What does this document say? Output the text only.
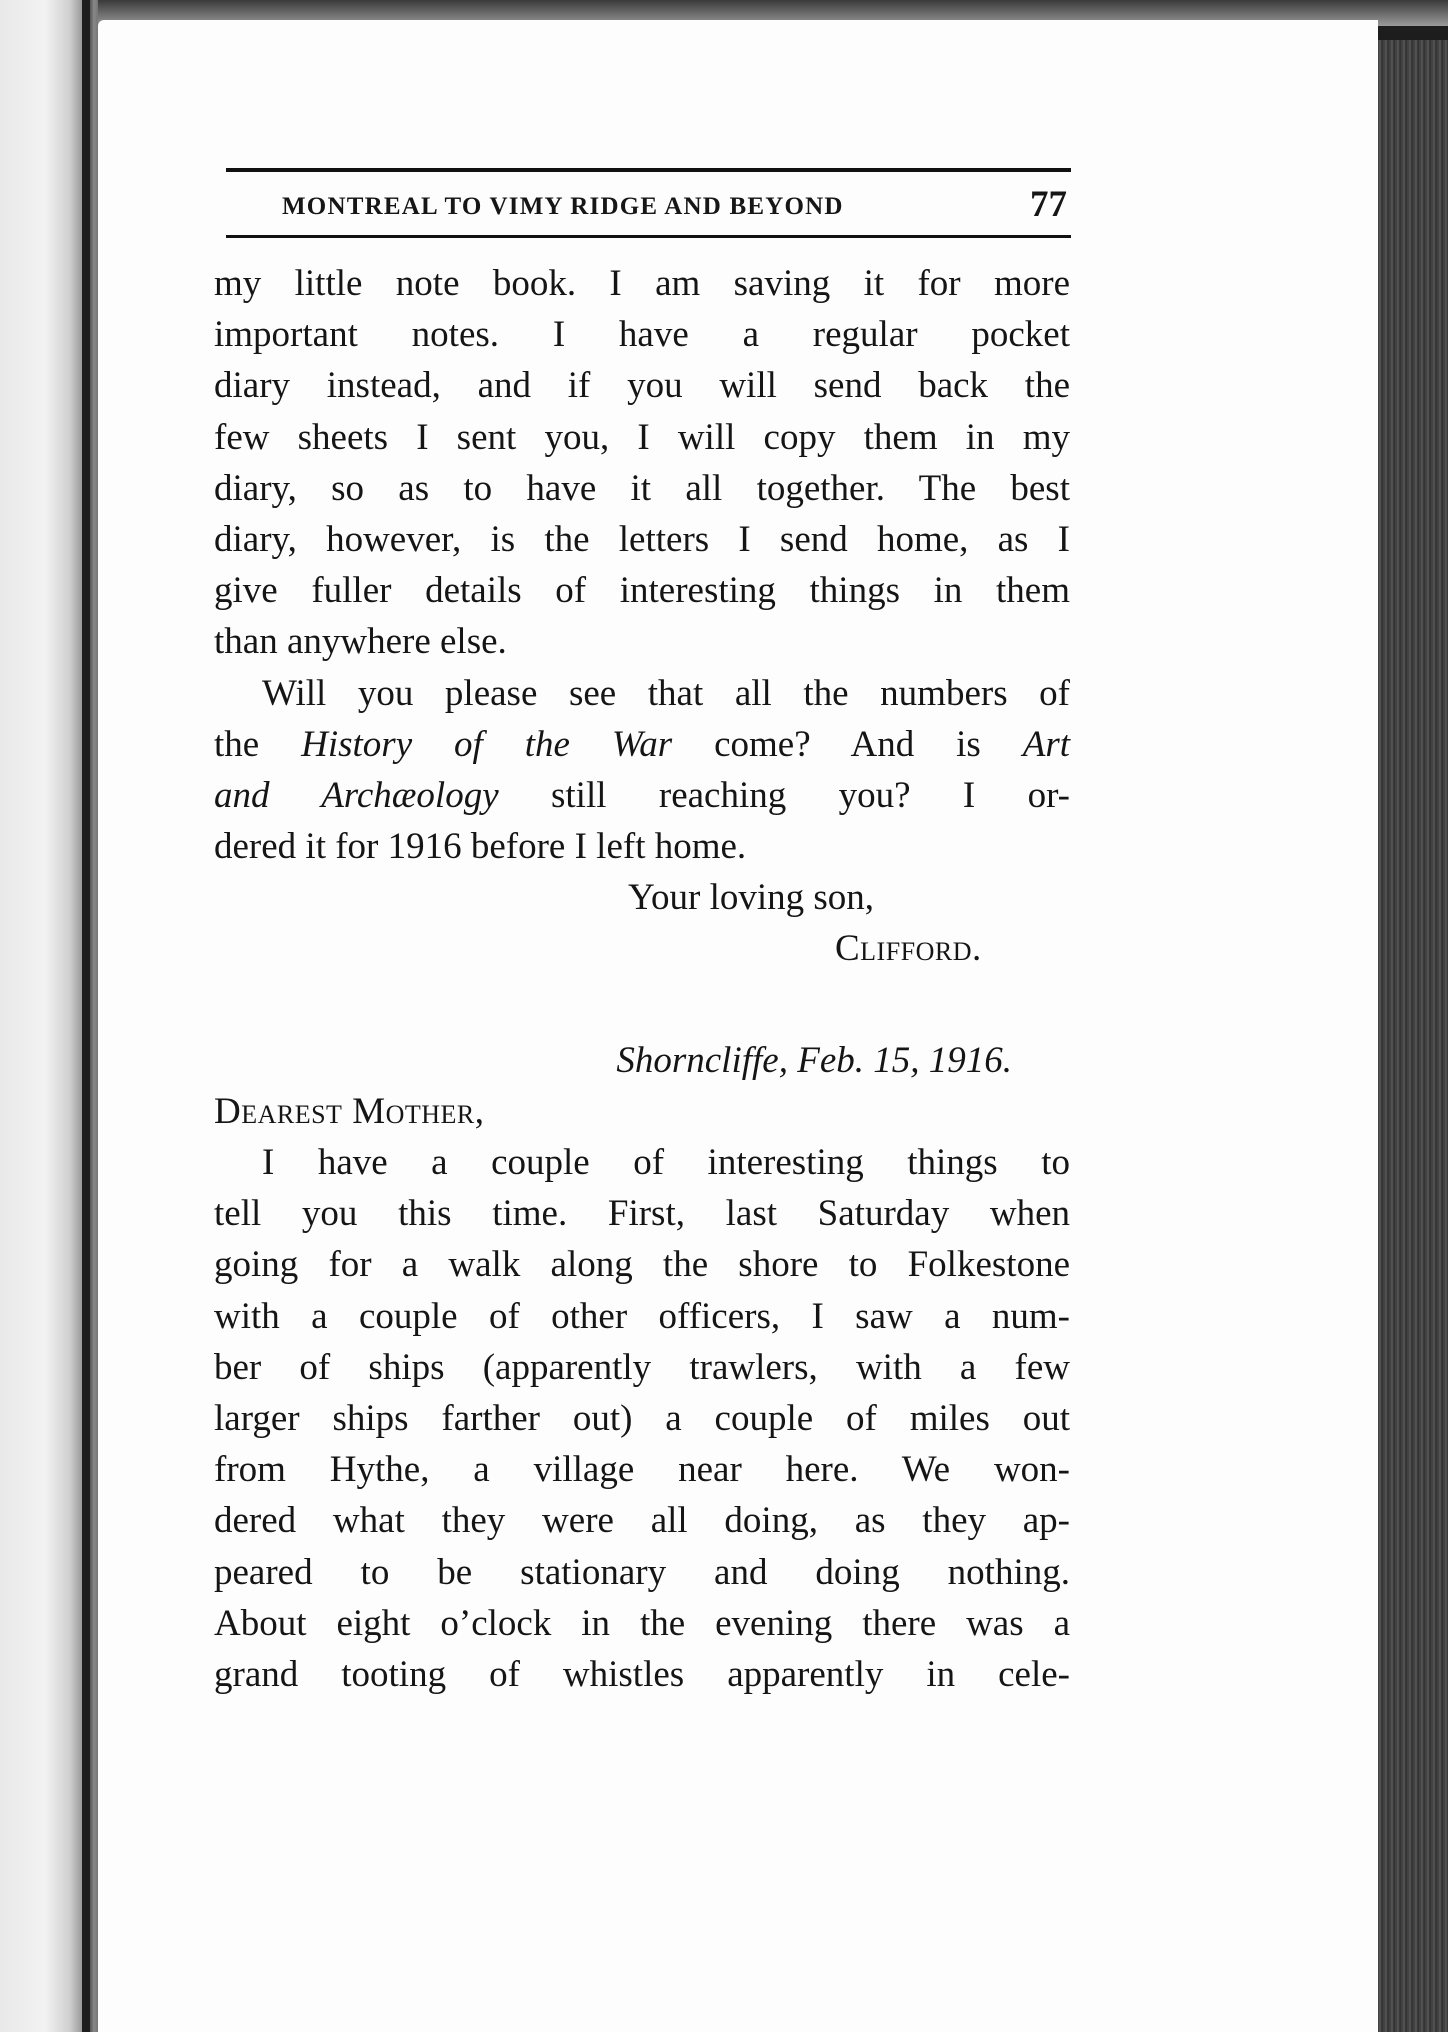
MONTREAL TO VIMY RIDGE AND BEYOND	77
my little note book. I am saving it for more
important notes. I have a regular pocket
diary instead, and if you will send back the
few sheets I sent you, I will copy them in my
diary, so as to have it all together. The best
diary, however, is the letters I send home, as I
give fuller details of interesting things in them
than anywhere else.
Will you please see that all the numbers of
the History of the War come? And is Art
and Archæology still reaching you? I or-
dered it for 1916 before I left home.
Your loving son,
Clifford.
Shorncliffe, Feb. 15, 1916.
Dearest Mother,
I have a couple of interesting things to
tell you this time. First, last Saturday when
going for a walk along the shore to Folkestone
with a couple of other officers, I saw a num-
ber of ships (apparently trawlers, with a few
larger ships farther out) a couple of miles out
from Hythe, a village near here. We won-
dered what they were all doing, as they ap-
peared to be stationary and doing nothing.
About eight o’clock in the evening there was a
grand tooting of whistles apparently in cele-
